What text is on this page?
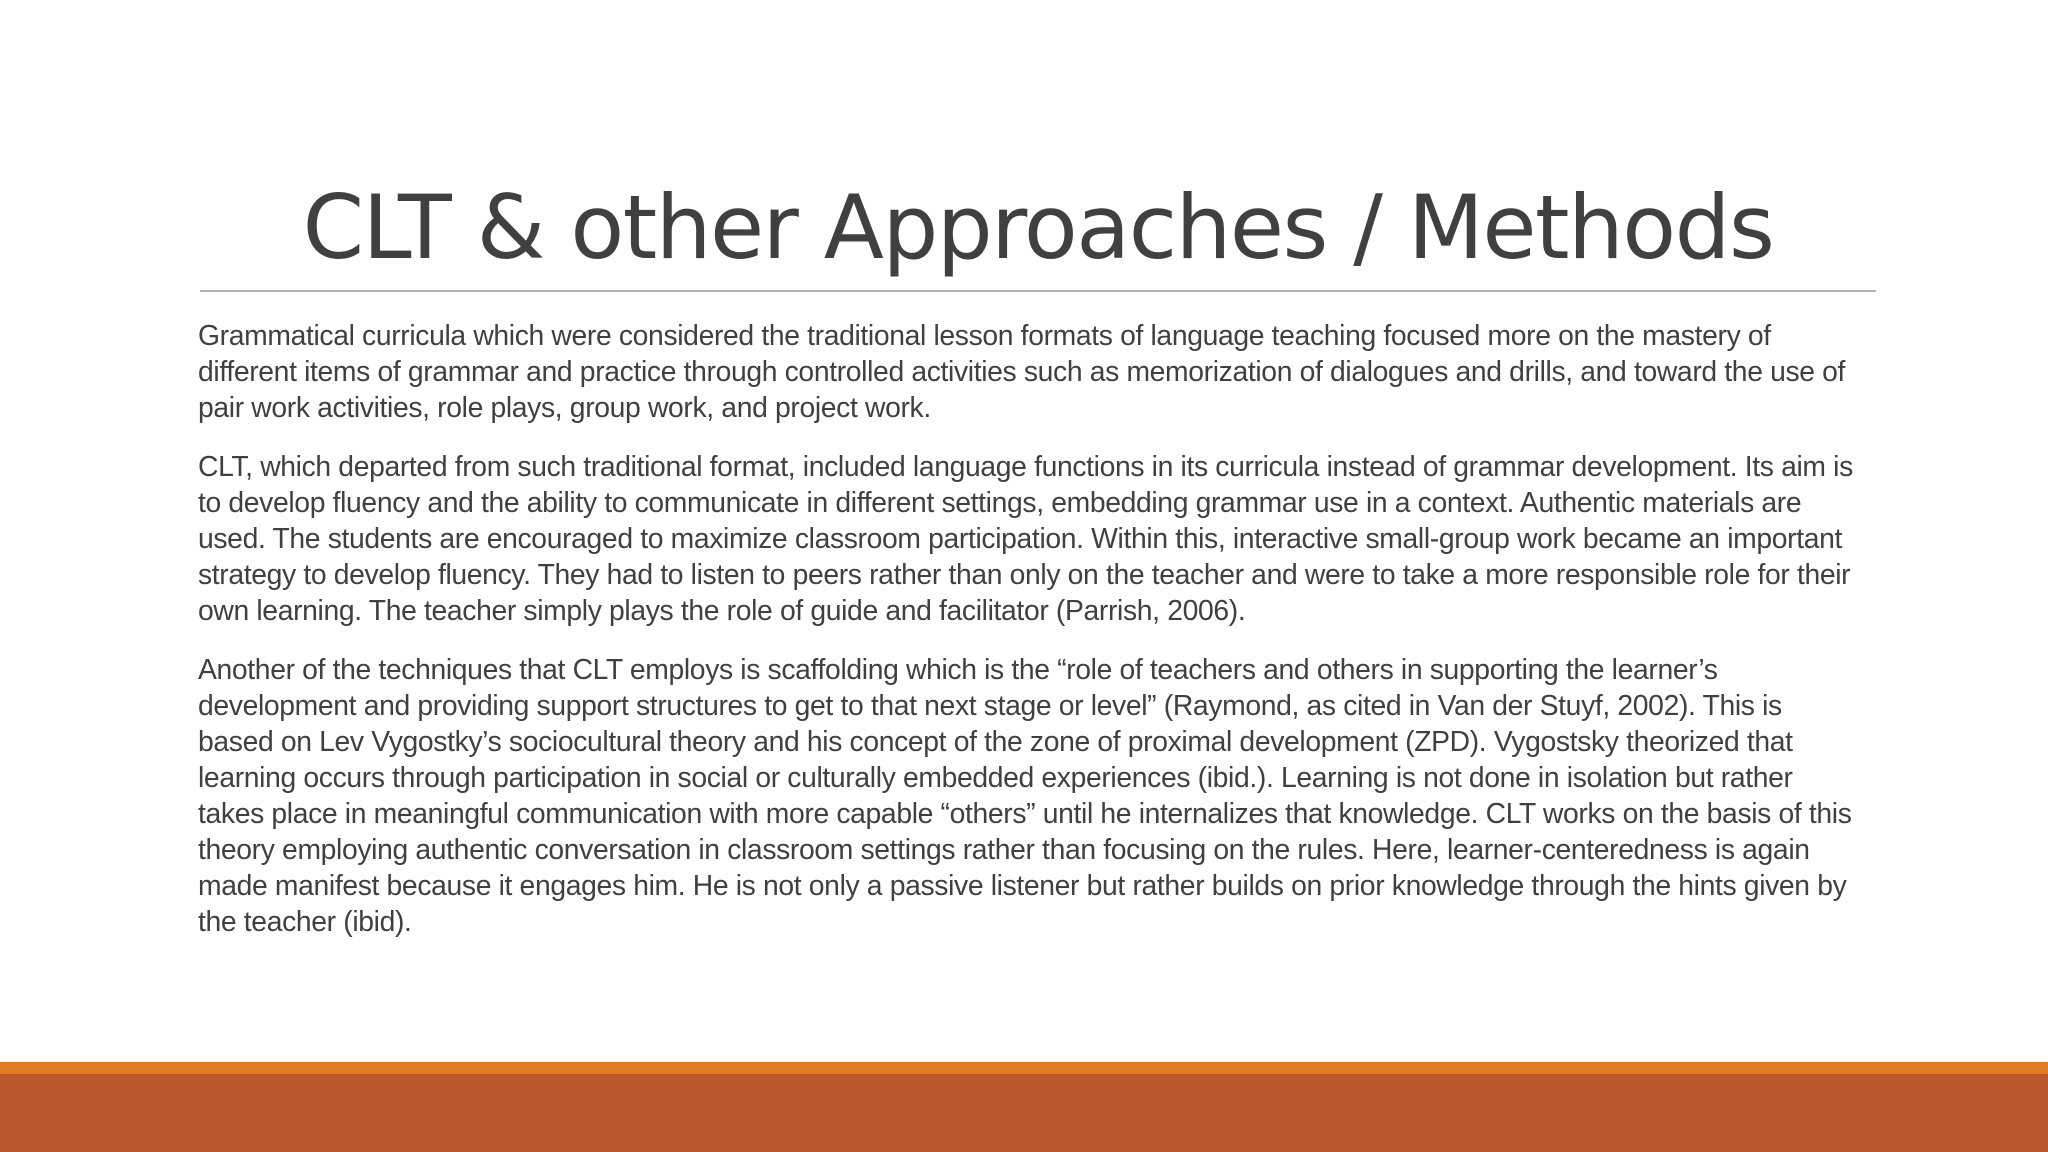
CLT & other Approaches / Methods

Grammatical curricula which were considered the traditional lesson formats of language teaching focused more on the mastery of different items of grammar and practice through controlled activities such as memorization of dialogues and drills, and toward the use of pair work activities, role plays, group work, and project work.

CLT, which departed from such traditional format, included language functions in its curricula instead of grammar development. Its aim is to develop fluency and the ability to communicate in different settings, embedding grammar use in a context. Authentic materials are used. The students are encouraged to maximize classroom participation. Within this, interactive small-group work became an important strategy to develop fluency. They had to listen to peers rather than only on the teacher and were to take a more responsible role for their own learning. The teacher simply plays the role of guide and facilitator (Parrish, 2006).

Another of the techniques that CLT employs is scaffolding which is the “role of teachers and others in supporting the learner’s development and providing support structures to get to that next stage or level” (Raymond, as cited in Van der Stuyf, 2002). This is based on Lev Vygostky’s sociocultural theory and his concept of the zone of proximal development (ZPD). Vygostsky theorized that learning occurs through participation in social or culturally embedded experiences (ibid.). Learning is not done in isolation but rather takes place in meaningful communication with more capable “others” until he internalizes that knowledge. CLT works on the basis of this theory employing authentic conversation in classroom settings rather than focusing on the rules. Here, learner-centeredness is again made manifest because it engages him. He is not only a passive listener but rather builds on prior knowledge through the hints given by the teacher (ibid).
